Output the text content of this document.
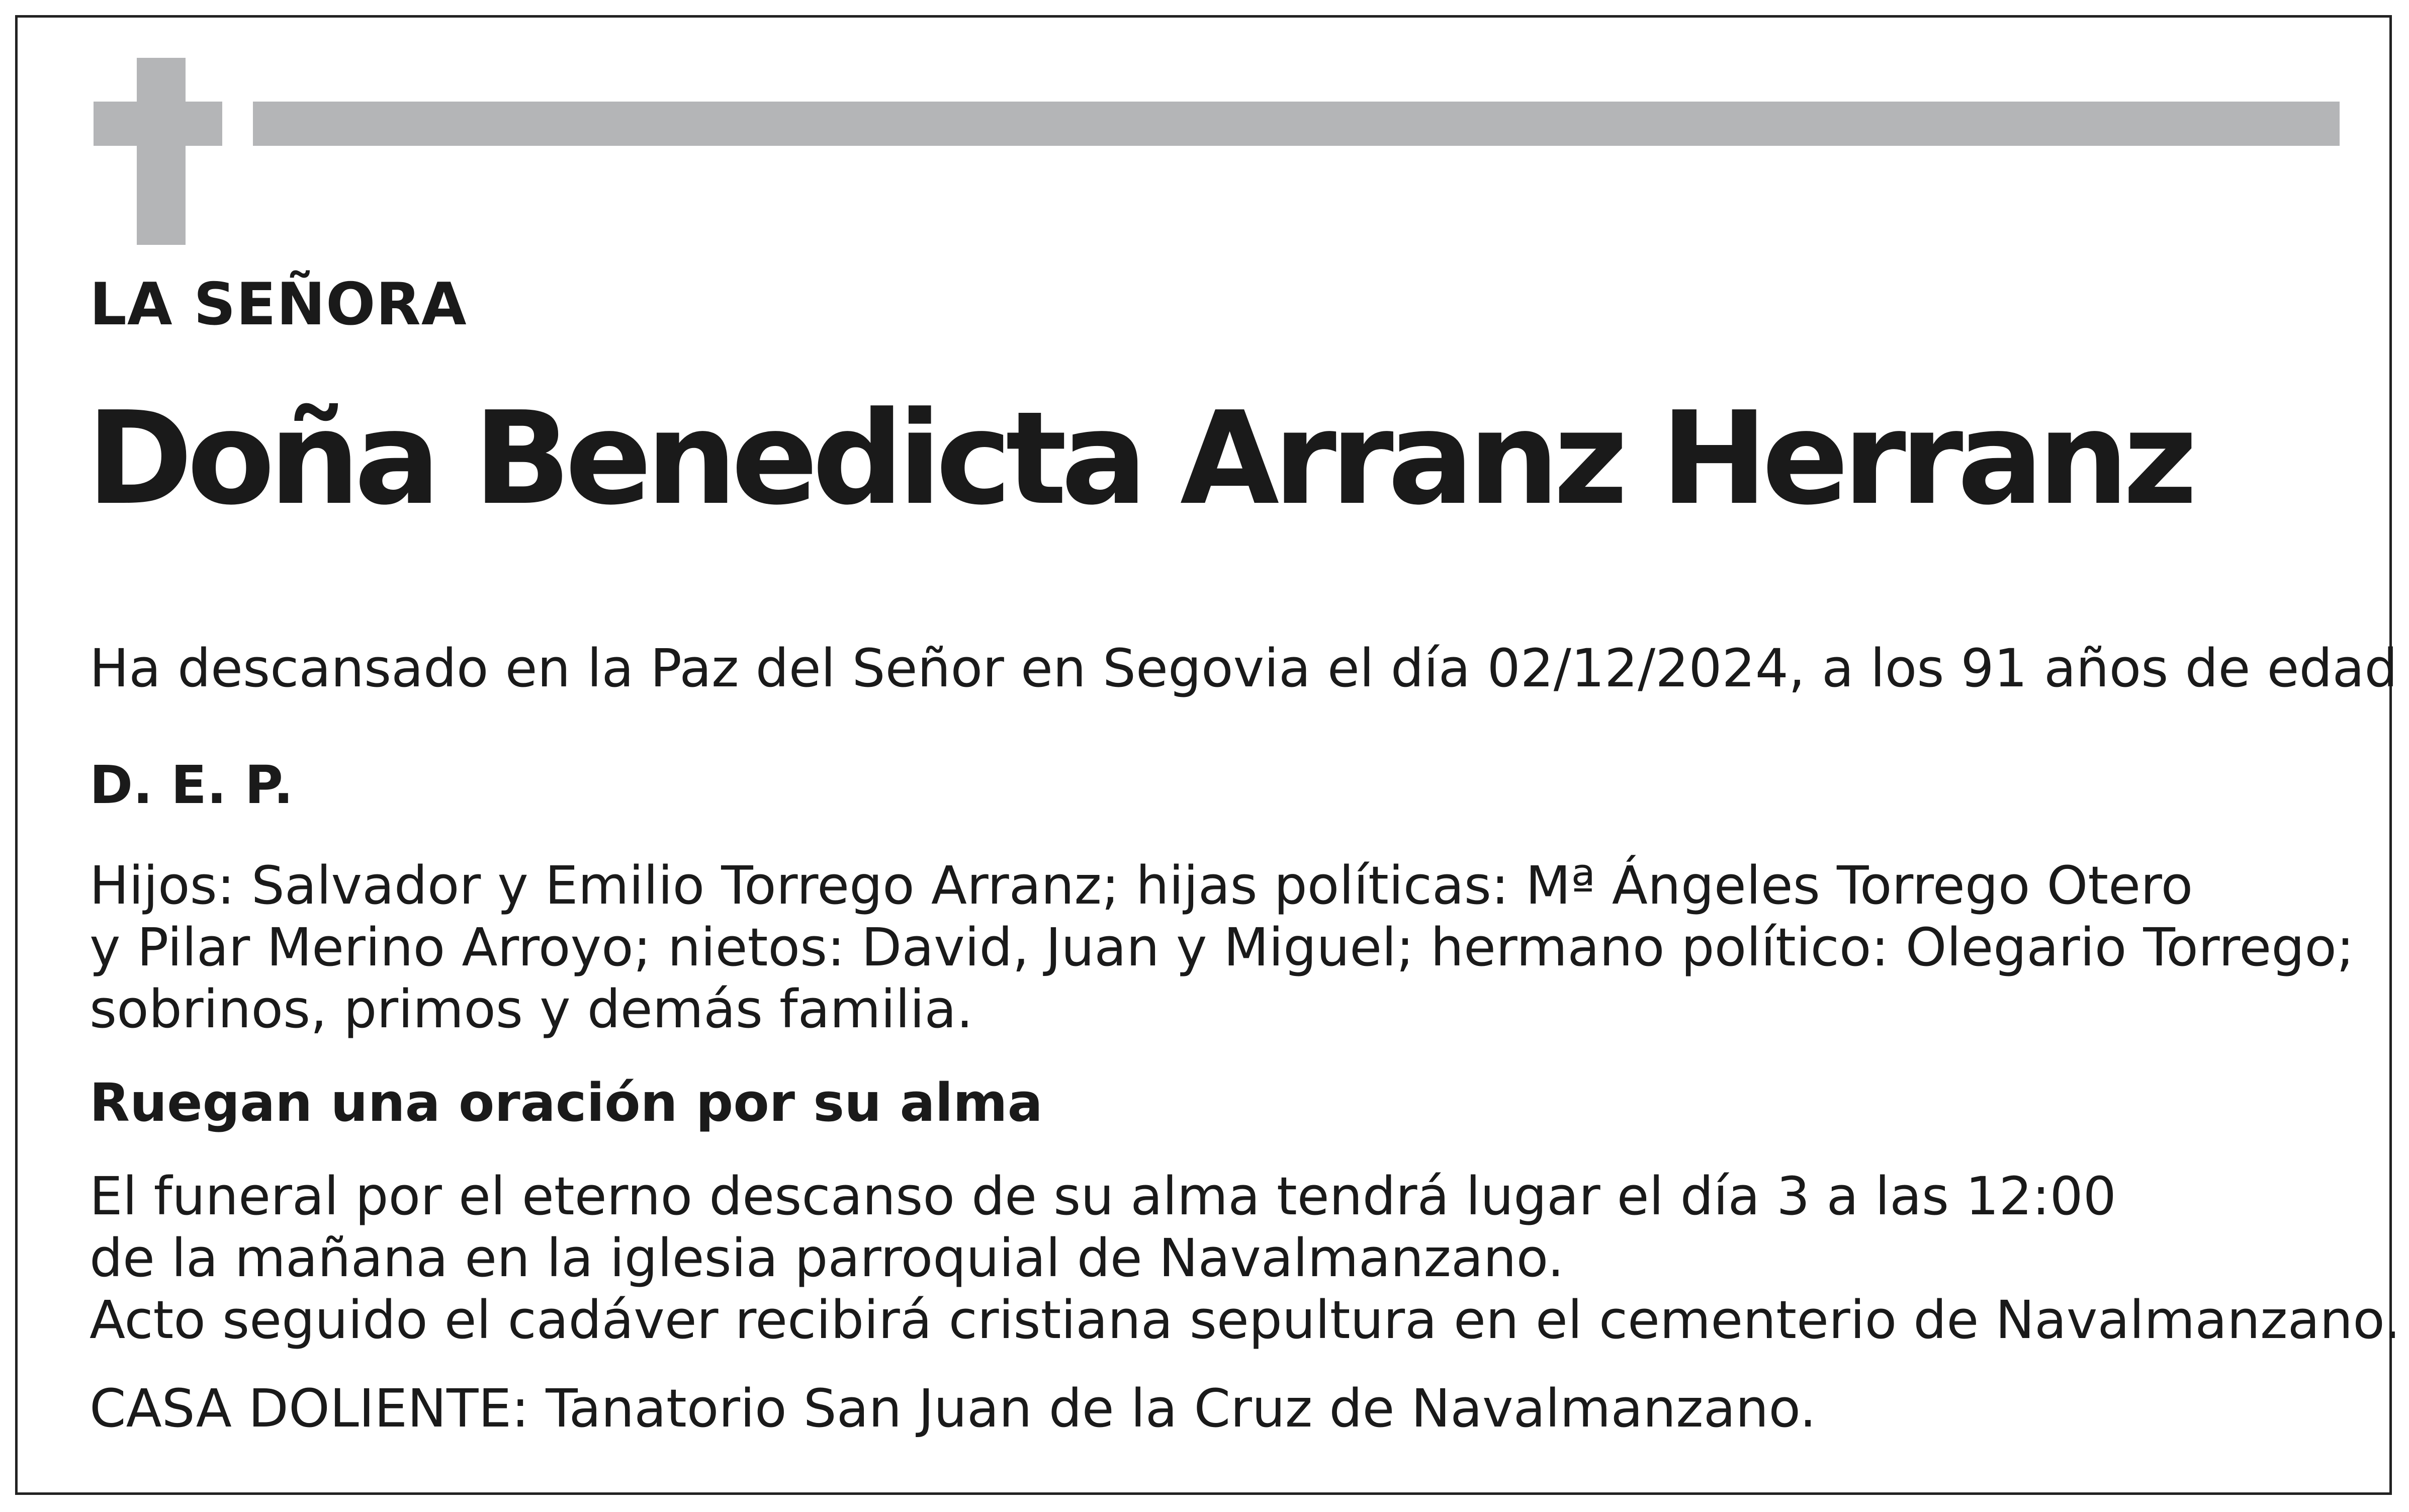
LA SEÑORA
Doña Benedicta Arranz Herranz
Ha descansado en la Paz del Señor en Segovia el día 02/12/2024, a los 91 años de edad
D. E. P.
Hijos: Salvador y Emilio Torrego Arranz; hijas políticas: Mª Ángeles Torrego Otero
y Pilar Merino Arroyo; nietos: David, Juan y Miguel; hermano político: Olegario Torrego;
sobrinos, primos y demás familia.
Ruegan una oración por su alma
El funeral por el eterno descanso de su alma tendrá lugar el día 3 a las 12:00
de la mañana en la iglesia parroquial de Navalmanzano.
Acto seguido el cadáver recibirá cristiana sepultura en el cementerio de Navalmanzano.
CASA DOLIENTE: Tanatorio San Juan de la Cruz de Navalmanzano.
